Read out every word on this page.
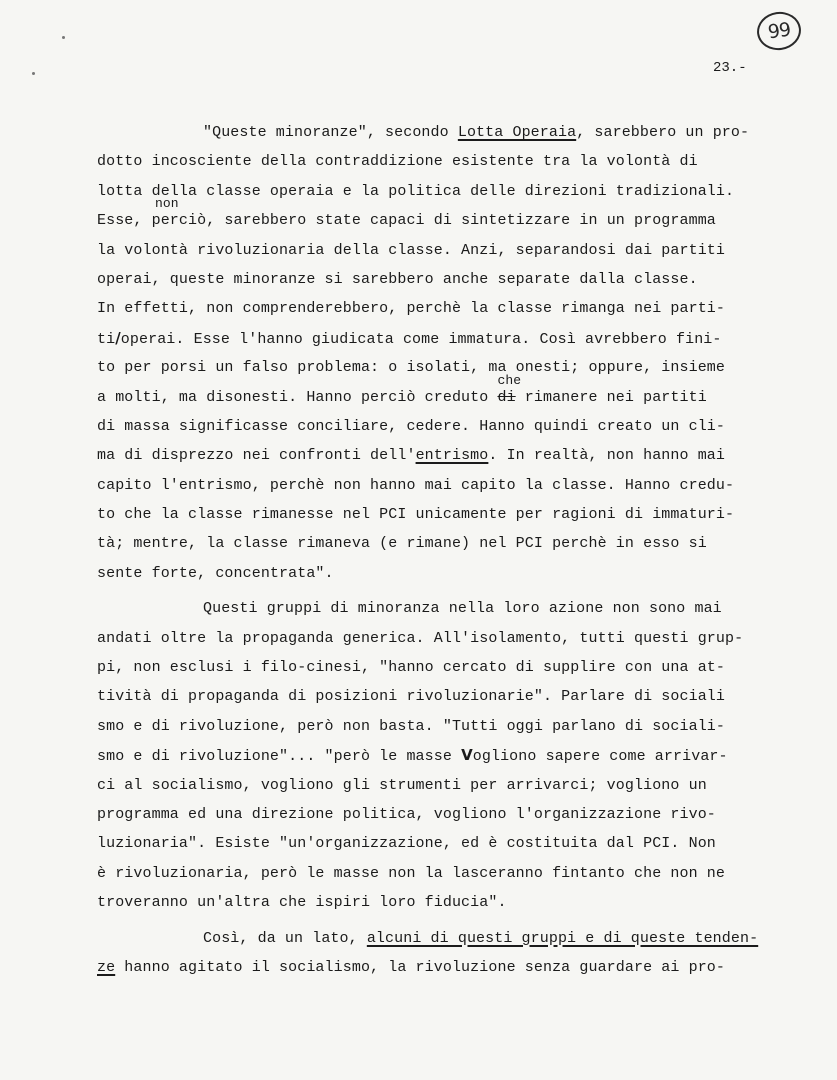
99
23.-
"Queste minoranze", secondo Lotta Operaia, sarebbero un pro-
dotto incosciente della contraddizione esistente tra la volontà di
lotta della classe operaia e la politica delle direzioni tradizionali.
Esse, perciò,
non
sarebbero state capaci di sintetizzare in un programma
la volontà rivoluzionaria della classe. Anzi, separandosi dai partiti
operai, queste minoranze si sarebbero anche separate dalla classe.
In effetti, non comprenderebbero, perchè la classe rimanga nei parti-
ti/operai. Esse l'hanno giudicata come immatura. Così avrebbero fini-
to per porsi un falso problema: o isolati, ma onesti; oppure, insieme
a molti, ma disonesti. Hanno perciò creduto
che
di rimanere nei partiti
di massa significasse conciliare, cedere. Hanno quindi creato un cli-
ma di disprezzo nei confronti dell'entrismo. In realtà, non hanno mai
capito l'entrismo, perchè non hanno mai capito la classe. Hanno credu-
to che la classe rimanesse nel PCI unicamente per ragioni di immaturi-
tà; mentre, la classe rimaneva (e rimane) nel PCI perchè in esso si
sente forte, concentrata".
Questi gruppi di minoranza nella loro azione non sono mai
andati oltre la propaganda generica. All'isolamento, tutti questi grup-
pi, non esclusi i filo-cinesi, "hanno cercato di supplire con una at-
tività di propaganda di posizioni rivoluzionarie". Parlare di sociali
smo e di rivoluzione, però non basta. "Tutti oggi parlano di sociali-
smo e di rivoluzione"... "però le masse Vogliono sapere come arrivar-
ci al socialismo, vogliono gli strumenti per arrivarci; vogliono un
programma ed una direzione politica, vogliono l'organizzazione rivo-
luzionaria". Esiste "un'organizzazione, ed è costituita dal PCI. Non
è rivoluzionaria, però le masse non la lasceranno fintanto che non ne
troveranno un'altra che ispiri loro fiducia".
Così, da un lato, alcuni di questi gruppi e di queste tenden-
ze hanno agitato il socialismo, la rivoluzione senza guardare ai pro-
